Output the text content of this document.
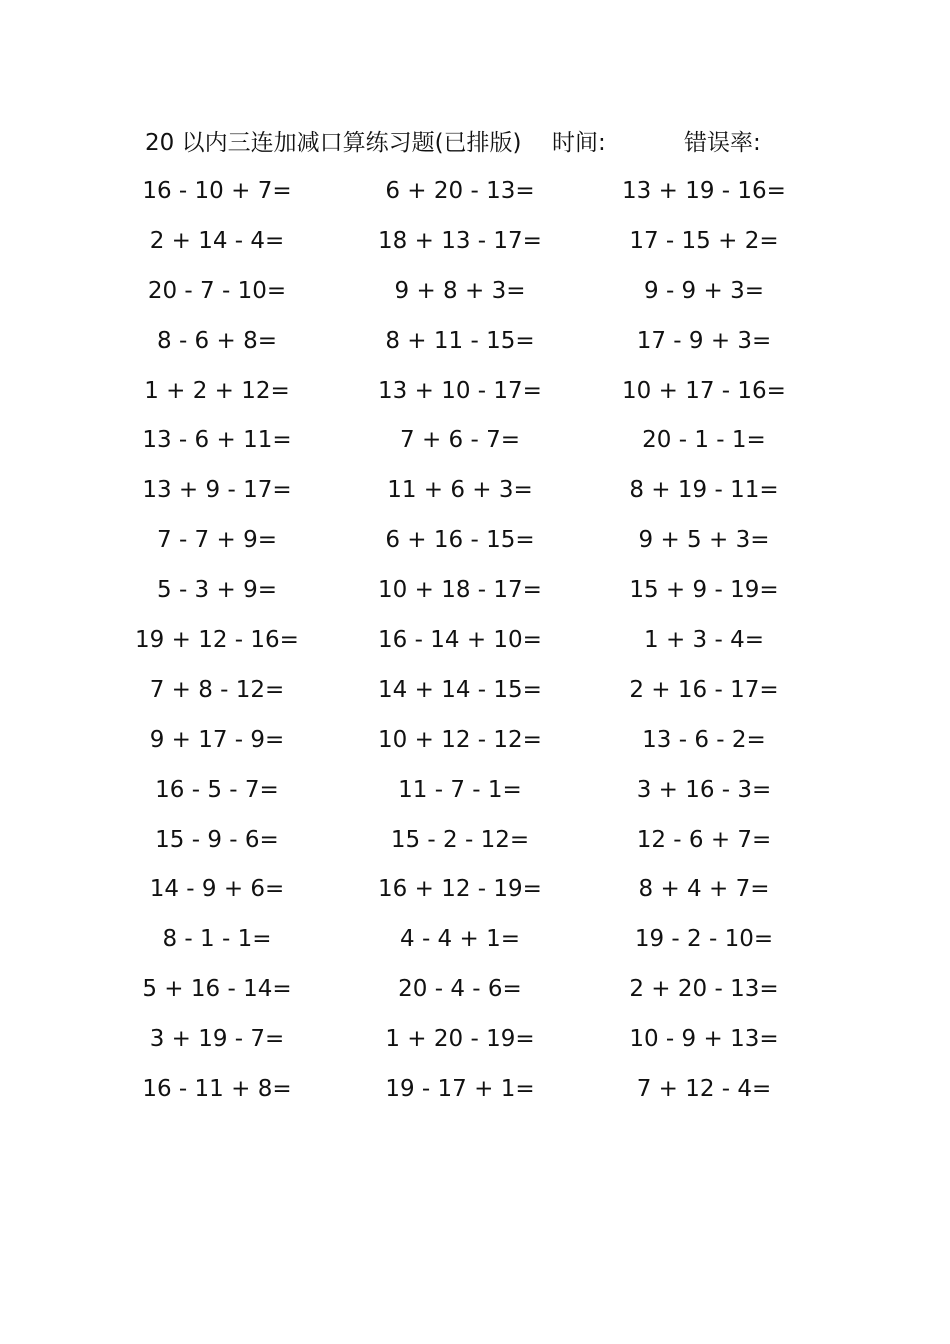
20 以内三连加减口算练习题(已排版) 时间:	错误率:
16 - 10 + 7=	6 + 20 - 13=	13 + 19 - 16=
2 + 14 - 4=	18 + 13 - 17=	17 - 15 + 2=
20 - 7 - 10=	9 + 8 + 3=	9 - 9 + 3=
8 - 6 + 8=	8 + 11 - 15=	17 - 9 + 3=
1 + 2 + 12=	13 + 10 - 17=	10 + 17 - 16=
13 - 6 + 11=	7 + 6 - 7=	20 - 1 - 1=
13 + 9 - 17=	11 + 6 + 3=	8 + 19 - 11=
7 - 7 + 9=	6 + 16 - 15=	9 + 5 + 3=
5 - 3 + 9=	10 + 18 - 17=	15 + 9 - 19=
19 + 12 - 16=	16 - 14 + 10=	1 + 3 - 4=
7 + 8 - 12=	14 + 14 - 15=	2 + 16 - 17=
9 + 17 - 9=	10 + 12 - 12=	13 - 6 - 2=
16 - 5 - 7=	11 - 7 - 1=	3 + 16 - 3=
15 - 9 - 6=	15 - 2 - 12=	12 - 6 + 7=
14 - 9 + 6=	16 + 12 - 19=	8 + 4 + 7=
8 - 1 - 1=	4 - 4 + 1=	19 - 2 - 10=
5 + 16 - 14=	20 - 4 - 6=	2 + 20 - 13=
3 + 19 - 7=	1 + 20 - 19=	10 - 9 + 13=
16 - 11 + 8=	19 - 17 + 1=	7 + 12 - 4=
